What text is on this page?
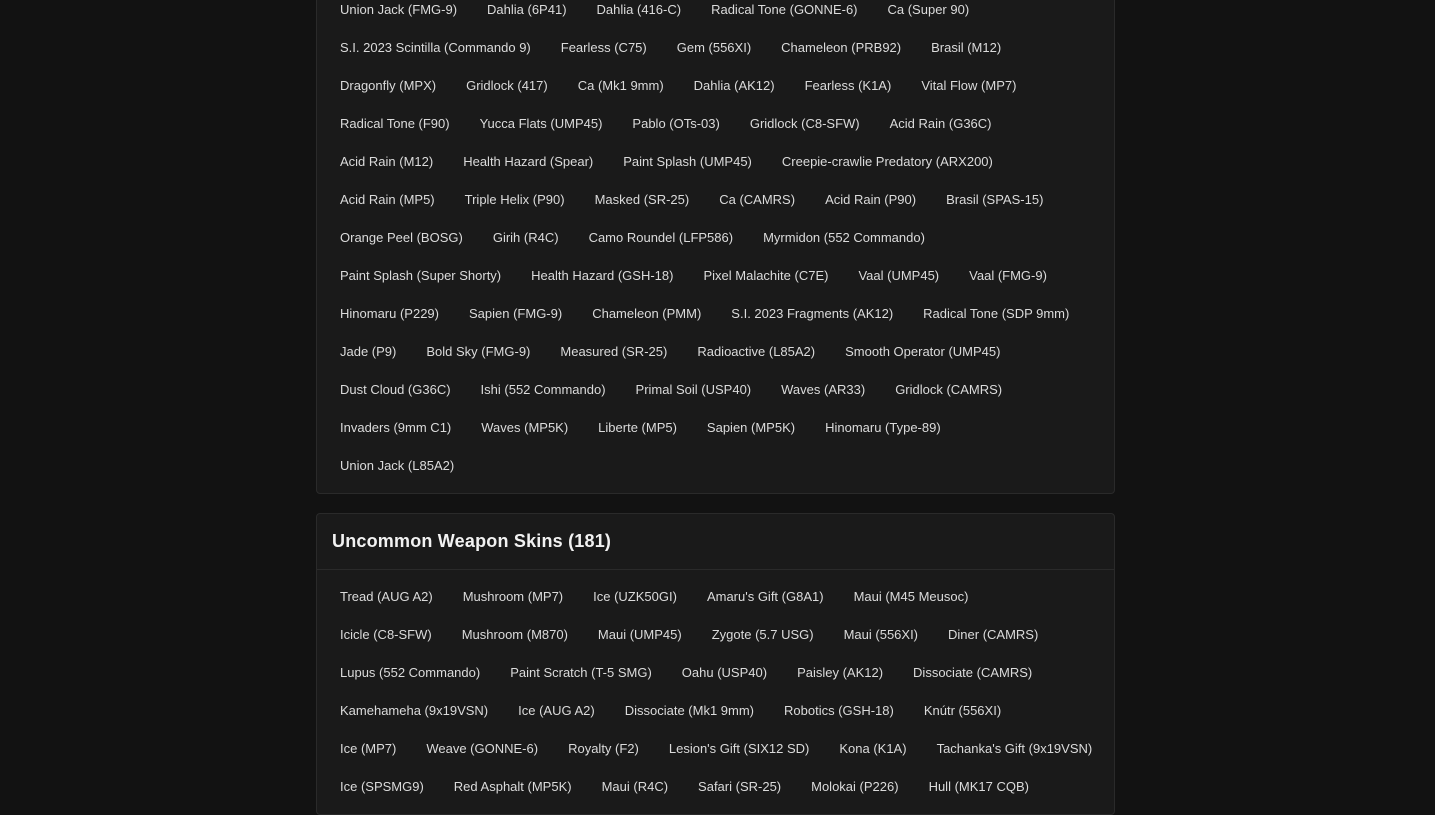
Union Jack (FMG-9)	Dahlia (6P41)	Dahlia (416-C)	Radical Tone (GONNE-6)	Ca (Super 90)
S.I. 2023 Scintilla (Commando 9)	Fearless (C75)	Gem (556XI)	Chameleon (PRB92)	Brasil (M12)
Dragonfly (MPX)	Gridlock (417)	Ca (Mk1 9mm)	Dahlia (AK12)	Fearless (K1A)	Vital Flow (MP7)
Radical Tone (F90)	Yucca Flats (UMP45)	Pablo (OTs-03)	Gridlock (C8-SFW)	Acid Rain (G36C)
Acid Rain (M12)	Health Hazard (Spear)	Paint Splash (UMP45)	Creepie-crawlie Predatory (ARX200)
Acid Rain (MP5)	Triple Helix (P90)	Masked (SR-25)	Ca (CAMRS)	Acid Rain (P90)	Brasil (SPAS-15)
Orange Peel (BOSG)	Girih (R4C)	Camo Roundel (LFP586)	Myrmidon (552 Commando)
Paint Splash (Super Shorty)	Health Hazard (GSH-18)	Pixel Malachite (C7E)	Vaal (UMP45)	Vaal (FMG-9)
Hinomaru (P229)	Sapien (FMG-9)	Chameleon (PMM)	S.I. 2023 Fragments (AK12)	Radical Tone (SDP 9mm)
Jade (P9)	Bold Sky (FMG-9)	Measured (SR-25)	Radioactive (L85A2)	Smooth Operator (UMP45)
Dust Cloud (G36C)	Ishi (552 Commando)	Primal Soil (USP40)	Waves (AR33)	Gridlock (CAMRS)
Invaders (9mm C1)	Waves (MP5K)	Liberte (MP5)	Sapien (MP5K)	Hinomaru (Type-89)
Union Jack (L85A2)
Uncommon Weapon Skins (181)
Tread (AUG A2)	Mushroom (MP7)	Ice (UZK50GI)	Amaru's Gift (G8A1)	Maui (M45 Meusoc)
Icicle (C8-SFW)	Mushroom (M870)	Maui (UMP45)	Zygote (5.7 USG)	Maui (556XI)	Diner (CAMRS)
Lupus (552 Commando)	Paint Scratch (T-5 SMG)	Oahu (USP40)	Paisley (AK12)	Dissociate (CAMRS)
Kamehameha (9x19VSN)	Ice (AUG A2)	Dissociate (Mk1 9mm)	Robotics (GSH-18)	Knútr (556XI)
Ice (MP7)	Weave (GONNE-6)	Royalty (F2)	Lesion's Gift (SIX12 SD)	Kona (K1A)	Tachanka's Gift (9x19VSN)
Ice (SPSMG9)	Red Asphalt (MP5K)	Maui (R4C)	Safari (SR-25)	Molokai (P226)	Hull (MK17 CQB)
